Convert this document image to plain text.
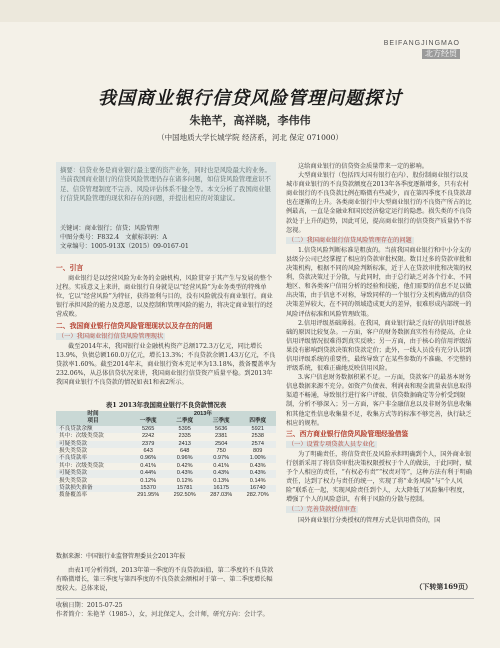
BEIFANGJINGMAO
北方经贸
我国商业银行信贷风险管理问题探讨
朱艳芊，高祥晓，李伟伟
（中国地质大学长城学院 经济系，河北 保定 071000）
摘要：信贷业务是商业银行最主要的资产业务，同时也是风险最大的业务。当前我国商业银行的信贷风险管理仍存在诸多问题，如信贷风险管理意识不足、信贷管理制度不完善、风险评估体系不健全等。本文分析了我国商业银行信贷风险管理的现状和存在的问题，并提出相应的对策建议。
关键词：商业银行；信贷；风险管理
中图分类号：F832.4　文献标识码：A
文章编号：1005-913X（2015）09-0167-01

一、引言

商业银行是以经营风险为业务的金融机构，风险贯穿于其产生与发展的整个过程。实质意义上来讲，商业银行自身就是以“经营风险”为业务类型的特殊单位，它以“经营风险”为特征，获得盈利与目的，没有风险就没有商业银行。商业银行承担风险的能力及意愿，以及控制和管理风险的能力，将决定商业银行的经营成败。

二、我国商业银行信贷风险管理现状以及存在的问题

（一）我国商业银行信贷风险管理现状

截至2014年末，我国银行业金融机构资产总额172.3万亿元，同比增长13.9%，负债总额160.0万亿元，增长13.3%；不良贷款余额1.43万亿元，不良贷款率1.60%。截至2014年末，商业银行资本充足率为13.18%，拨备覆盖率为232.06%，从总体信贷状况来讲，我国商业银行信贷资产质量平稳。到2013年我国商业银行不良贷款的情况如表1和表2所示。

表1 2013年我国商业银行不良贷款情况表
时间	2013年			
项目	一季度	二季度	三季度	四季度
不良贷款余额	5265	5395	5636	5921
其中：次级类贷款	2242	2335	2381	2538
可疑类贷款	2379	2413	2504	2574
损失类贷款	643	648	750	809
不良贷款率	0.96%	0.96%	0.97%	1.00%
其中：次级类贷款	0.41%	0.42%	0.41%	0.43%
可疑类贷款	0.44%	0.43%	0.43%	0.43%
损失类贷款	0.12%	0.12%	0.13%	0.14%
贷款损失准备	15370	15781	16175	16740
拨备覆盖率	291.95%	292.50%	287.03%	282.70%
数据来源：中国银行业监督管理委员会2013年报

由表1可分析得到，2013年第一季度的不良贷款面值，第二季度的不良贷款有略微增长，第三季度与第四季度的不良贷款金额相对于第一、第二季度增长幅度较大。总体来说，

这给商业银行的信贷资金质量带来一定的影响。

大型商业银行（包括四大国有银行在内）、股份制商业银行以及城市商业银行的不良贷款额度在2013年各季度逐渐增多，只有农村商业银行的不良贷款比例在略微有些减少，而在第四季度不良贷款却也在逐渐的上升。各类商业银行中大型商业银行的不良资产所占的比例最高，一直是金融业和国民经济稳定运行的隐患。损失类的不良贷款处于上升的趋势，因此可见，提高商业银行的信贷资产质量仍不容忽视。

（二）我国商业银行信贷风险管理存在的问题

1.信贷风险判断标准是粗放的。当前我国商业银行和中小分支的县级分公司已经掌握了相应的贷款审批权限。数目过多的贷款审批和决策机构，根据不同的风险判断标准，近于人在贷款审批和决策的权利，贷款决策过于分散，与此同时，由于总行缺乏对各个行业、不同地区、和各类客户信用分析的经验和技能，他们需要的信息不足以做出决策，由于信息不对称，导致同样的一个银行分支机构做出的信贷决策差异较大，在不同的领域造成更大的差异，很难形成内部统一的风险评估标准和风险管理政策。

2.信用评级基础薄弱。在我国，商业银行缺乏良好的信用评级基础的原因比较复杂。一方面，客户的财务数据真实性有待提高，企业信用评级情况很难得到真实反映；另一方面，由于核心的信用评级结果没有影响到贷款决策和贷款定价；此外，一线人员没有充分认识到信用评级系统的重要性，最终导致了在某些参数的不准确、不完整的评级系统，很难正确地反映信用风险。

3.客户信息财务数据积累不足。一方面，贷款客户的最基本财务信息数据来源不充分。如资产负债表、利润表和现金流量表信息取得渠道不畅通，导致银行进行客户评级、信贷数据确定等分析受到限制，分析不够深入；另一方面，客户非金融信息以及非财务信息收集和其他定性信息收集量不足，收集方式等的标准不够完善，执行缺乏相应的规程。

三、西方商业银行信贷风险管理经验借鉴

（一）设置专项贷款人员专业化

为了明确责任，将信贷责任及风险承担明确到个人，国外商业银行创新采用了将信贷审批决策权限授权于个人的做法，于此同时，赋予个人相应的责任，“有权必有责”“权责对等”，这种方法有利于明确责任，达到了权力与责任的统一，实现了将“业务风险”与“个人风险”联系在一起，实现风险责任到个人，大大降低了风险集中程度，增强了个人的风险意识，有利于风险的分散与控制。

（二）完善贷款授信审查

国外商业银行分类授权的管理方式是信用借贷的，国

（下转第169页）
收稿日期：2015-07-25
作者简介：朱艳芊（1985-），女，河北保定人，会计师，研究方向：会计学。
